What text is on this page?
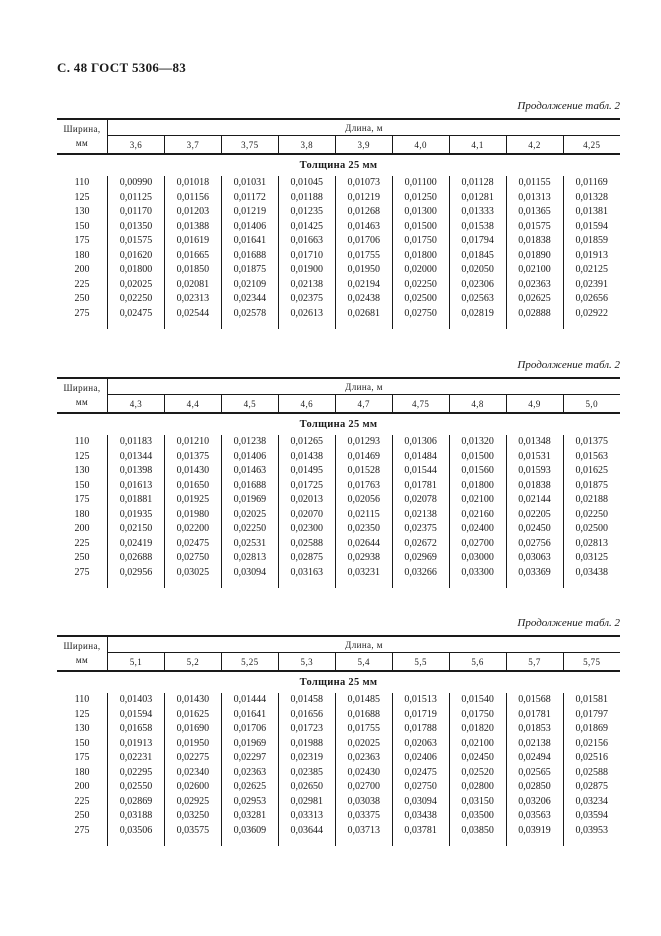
С. 48 ГОСТ 5306—83
Продолжение табл. 2
Ширина,
мм	Длина, м								
	3,6	3,7	3,75	3,8	3,9	4,0	4,1	4,2	4,25
Толщина 25 мм									
110	0,00990	0,01018	0,01031	0,01045	0,01073	0,01100	0,01128	0,01155	0,01169
125	0,01125	0,01156	0,01172	0,01188	0,01219	0,01250	0,01281	0,01313	0,01328
130	0,01170	0,01203	0,01219	0,01235	0,01268	0,01300	0,01333	0,01365	0,01381
150	0,01350	0,01388	0,01406	0,01425	0,01463	0,01500	0,01538	0,01575	0,01594
175	0,01575	0,01619	0,01641	0,01663	0,01706	0,01750	0,01794	0,01838	0,01859
180	0,01620	0,01665	0,01688	0,01710	0,01755	0,01800	0,01845	0,01890	0,01913
200	0,01800	0,01850	0,01875	0,01900	0,01950	0,02000	0,02050	0,02100	0,02125
225	0,02025	0,02081	0,02109	0,02138	0,02194	0,02250	0,02306	0,02363	0,02391
250	0,02250	0,02313	0,02344	0,02375	0,02438	0,02500	0,02563	0,02625	0,02656
275	0,02475	0,02544	0,02578	0,02613	0,02681	0,02750	0,02819	0,02888	0,02922

Продолжение табл. 2
Ширина,
мм	Длина, м								
	4,3	4,4	4,5	4,6	4,7	4,75	4,8	4,9	5,0
Толщина 25 мм									
110	0,01183	0,01210	0,01238	0,01265	0,01293	0,01306	0,01320	0,01348	0,01375
125	0,01344	0,01375	0,01406	0,01438	0,01469	0,01484	0,01500	0,01531	0,01563
130	0,01398	0,01430	0,01463	0,01495	0,01528	0,01544	0,01560	0,01593	0,01625
150	0,01613	0,01650	0,01688	0,01725	0,01763	0,01781	0,01800	0,01838	0,01875
175	0,01881	0,01925	0,01969	0,02013	0,02056	0,02078	0,02100	0,02144	0,02188
180	0,01935	0,01980	0,02025	0,02070	0,02115	0,02138	0,02160	0,02205	0,02250
200	0,02150	0,02200	0,02250	0,02300	0,02350	0,02375	0,02400	0,02450	0,02500
225	0,02419	0,02475	0,02531	0,02588	0,02644	0,02672	0,02700	0,02756	0,02813
250	0,02688	0,02750	0,02813	0,02875	0,02938	0,02969	0,03000	0,03063	0,03125
275	0,02956	0,03025	0,03094	0,03163	0,03231	0,03266	0,03300	0,03369	0,03438

Продолжение табл. 2
Ширина,
мм	Длина, м								
	5,1	5,2	5,25	5,3	5,4	5,5	5,6	5,7	5,75
Толщина 25 мм									
110	0,01403	0,01430	0,01444	0,01458	0,01485	0,01513	0,01540	0,01568	0,01581
125	0,01594	0,01625	0,01641	0,01656	0,01688	0,01719	0,01750	0,01781	0,01797
130	0,01658	0,01690	0,01706	0,01723	0,01755	0,01788	0,01820	0,01853	0,01869
150	0,01913	0,01950	0,01969	0,01988	0,02025	0,02063	0,02100	0,02138	0,02156
175	0,02231	0,02275	0,02297	0,02319	0,02363	0,02406	0,02450	0,02494	0,02516
180	0,02295	0,02340	0,02363	0,02385	0,02430	0,02475	0,02520	0,02565	0,02588
200	0,02550	0,02600	0,02625	0,02650	0,02700	0,02750	0,02800	0,02850	0,02875
225	0,02869	0,02925	0,02953	0,02981	0,03038	0,03094	0,03150	0,03206	0,03234
250	0,03188	0,03250	0,03281	0,03313	0,03375	0,03438	0,03500	0,03563	0,03594
275	0,03506	0,03575	0,03609	0,03644	0,03713	0,03781	0,03850	0,03919	0,03953
